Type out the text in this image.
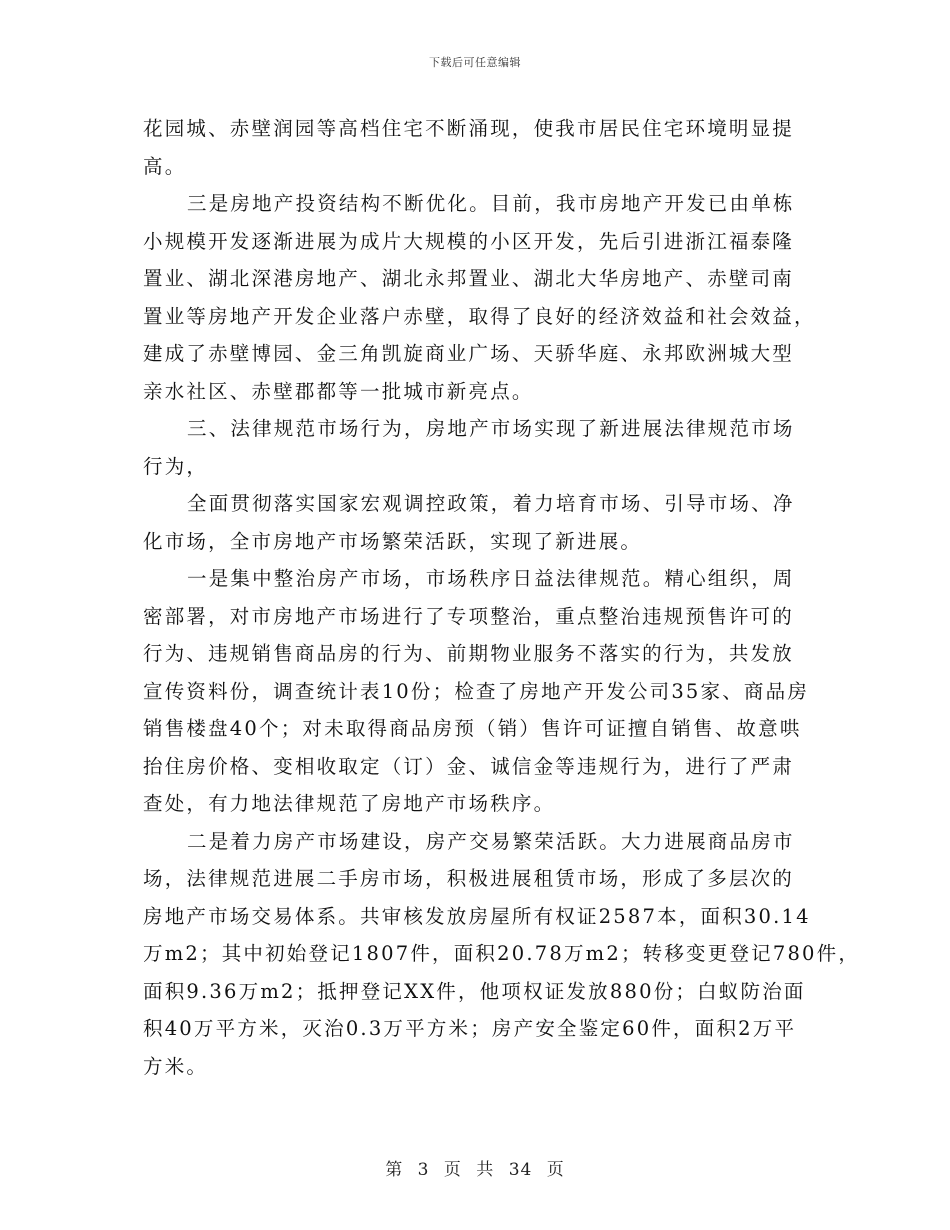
下载后可任意编辑
花园城、赤壁润园等高档住宅不断涌现，使我市居民住宅环境明显提
高。
三是房地产投资结构不断优化。目前，我市房地产开发已由单栋
小规模开发逐渐进展为成片大规模的小区开发，先后引进浙江福泰隆
置业、湖北深港房地产、湖北永邦置业、湖北大华房地产、赤壁司南
置业等房地产开发企业落户赤壁，取得了良好的经济效益和社会效益，
建成了赤壁博园、金三角凯旋商业广场、天骄华庭、永邦欧洲城大型
亲水社区、赤壁郡都等一批城市新亮点。
三、法律规范市场行为，房地产市场实现了新进展法律规范市场
行为，
全面贯彻落实国家宏观调控政策，着力培育市场、引导市场、净
化市场，全市房地产市场繁荣活跃，实现了新进展。
一是集中整治房产市场，市场秩序日益法律规范。精心组织，周
密部署，对市房地产市场进行了专项整治，重点整治违规预售许可的
行为、违规销售商品房的行为、前期物业服务不落实的行为，共发放
宣传资料份，调查统计表10份；检查了房地产开发公司35家、商品房
销售楼盘40个；对未取得商品房预（销）售许可证擅自销售、故意哄
抬住房价格、变相收取定（订）金、诚信金等违规行为，进行了严肃
查处，有力地法律规范了房地产市场秩序。
二是着力房产市场建设，房产交易繁荣活跃。大力进展商品房市
场，法律规范进展二手房市场，积极进展租赁市场，形成了多层次的
房地产市场交易体系。共审核发放房屋所有权证2587本，面积30.14
万m2；其中初始登记1807件，面积20.78万m2；转移变更登记780件，
面积9.36万m2；抵押登记XX件，他项权证发放880份；白蚁防治面
积40万平方米，灭治0.3万平方米；房产安全鉴定60件，面积2万平
方米。
第 3 页 共 34 页
